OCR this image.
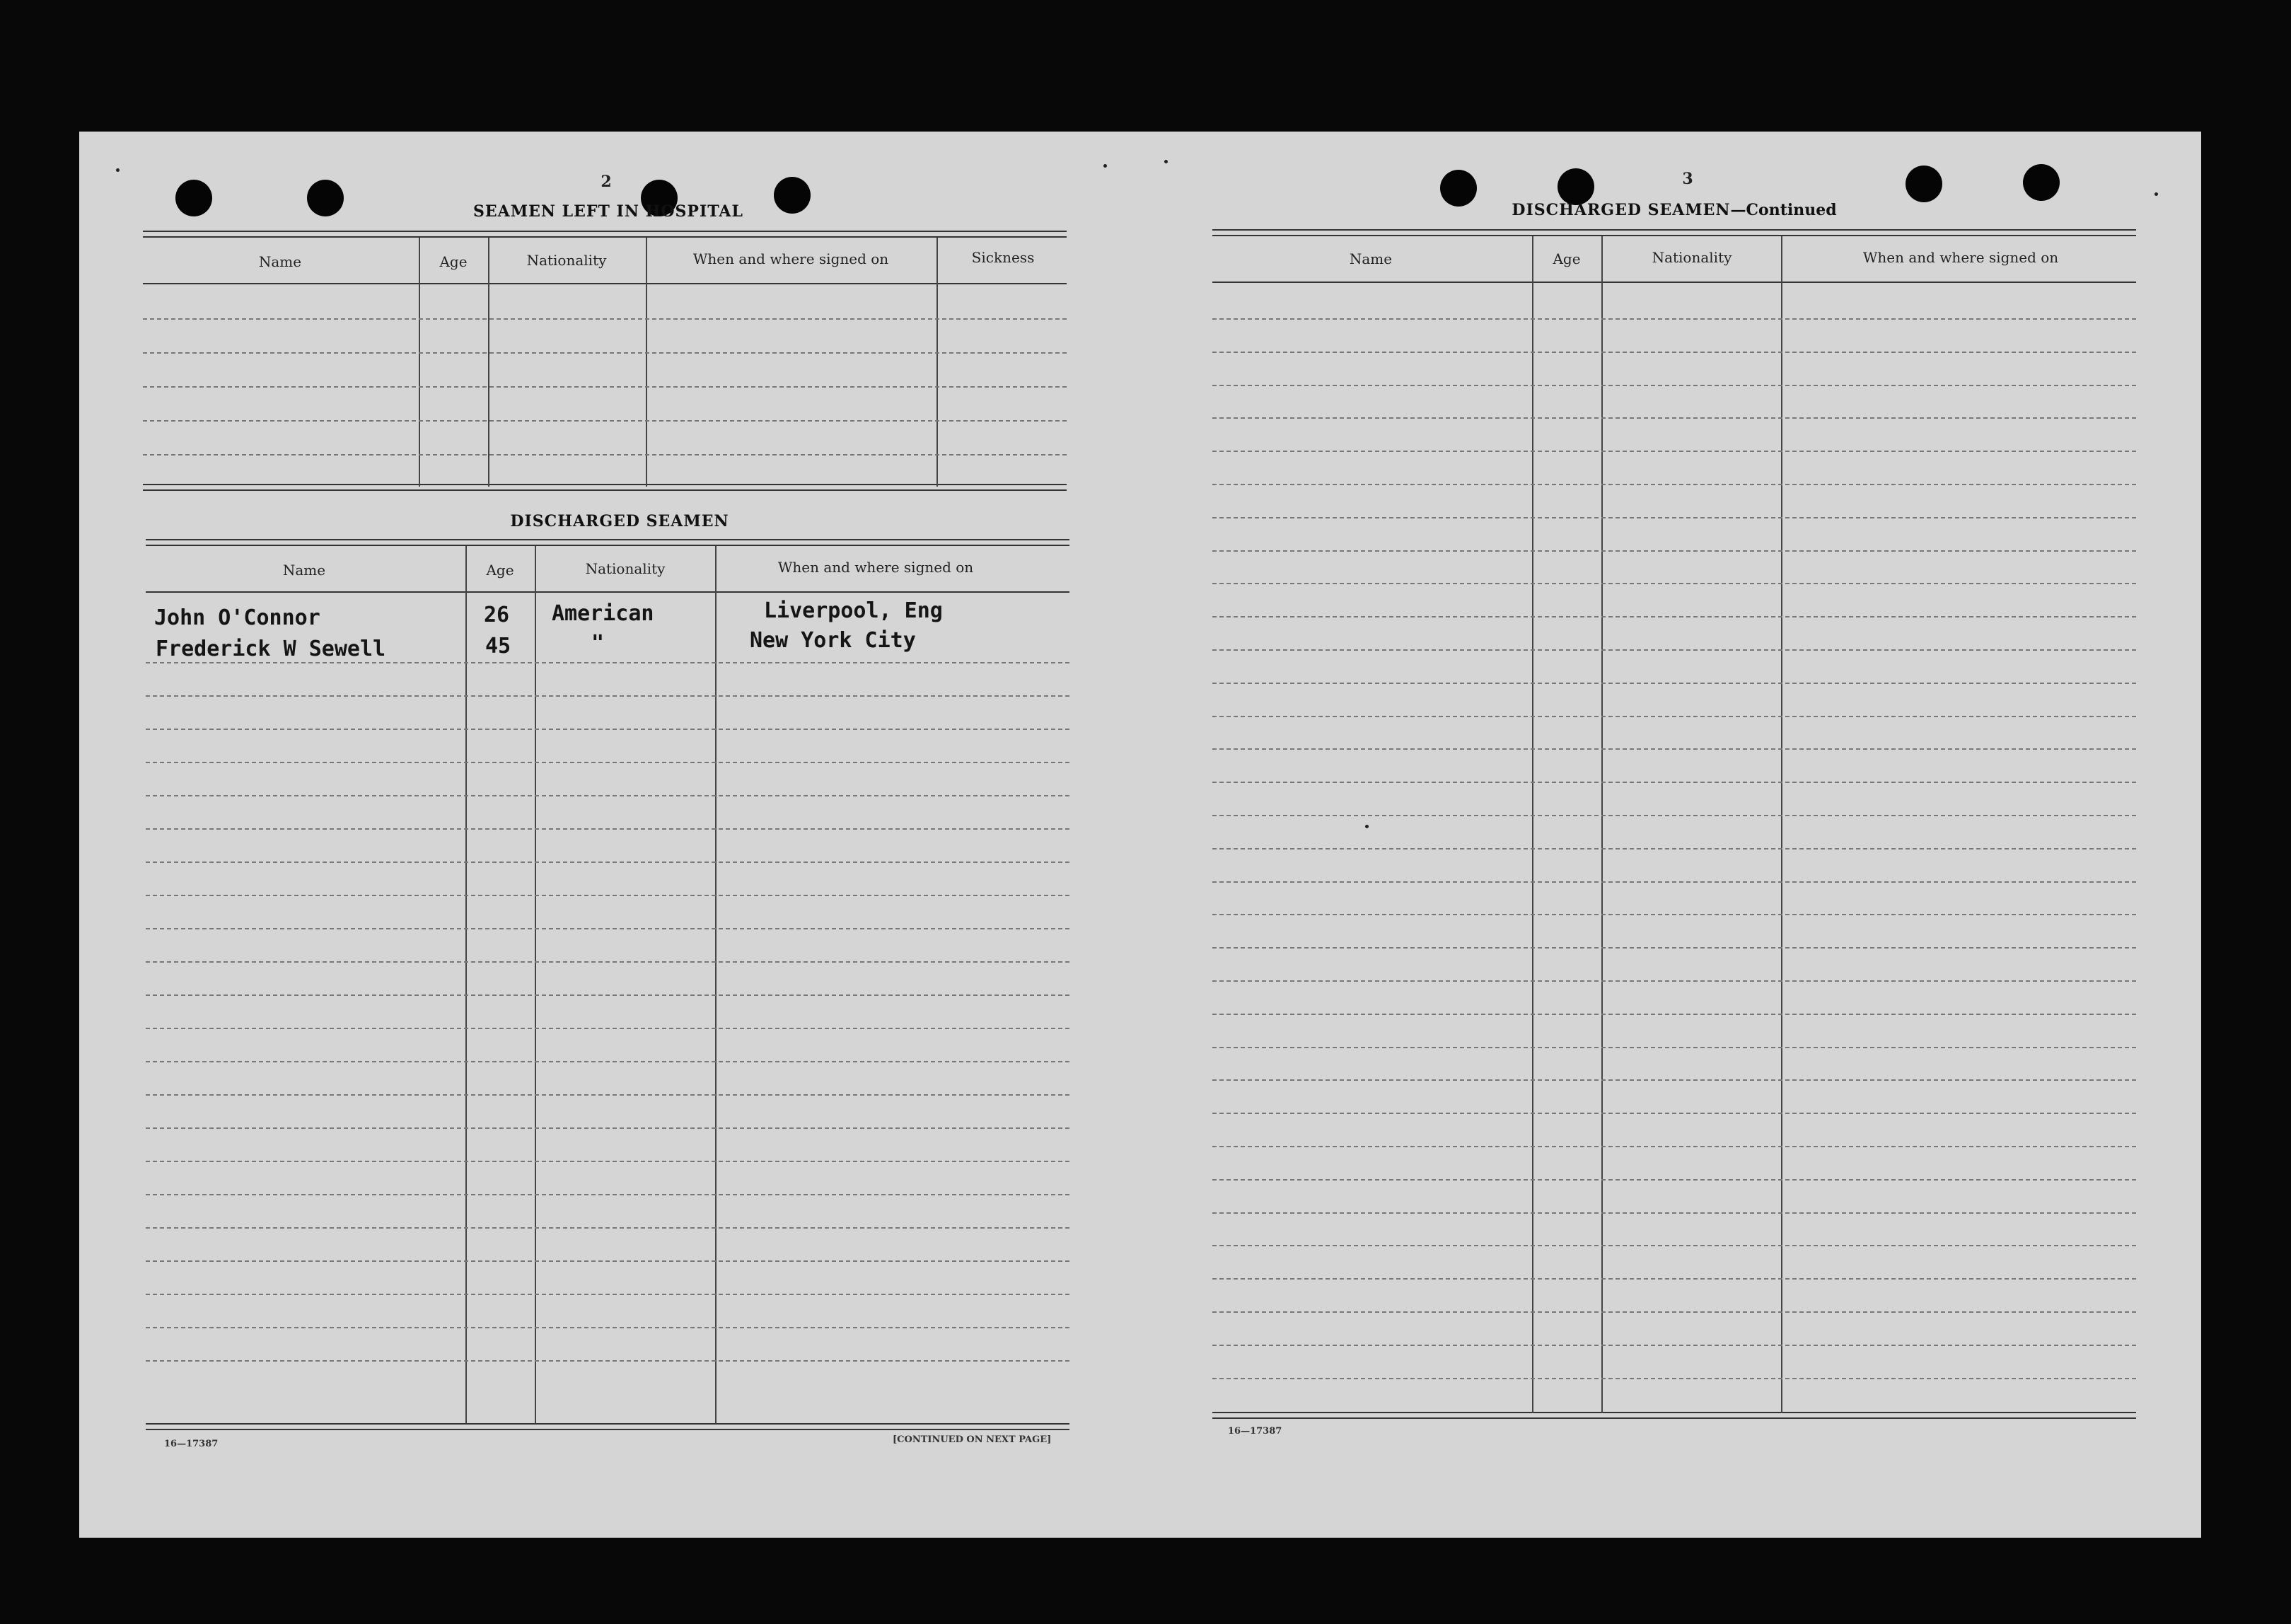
2
SEAMEN LEFT IN HOSPITAL
Name	Age	Nationality	When and where signed on	Sickness
DISCHARGED SEAMEN
Name	Age	Nationality	When and where signed on
John O'Connor	26 American	Liverpool, Eng
Frederick W Sewell	45	"	New York City
16—17387	[CONTINUED ON NEXT PAGE]
3
DISCHARGED SEAMEN—Continued
Name	Age	Nationality	When and where signed on
16—17387
